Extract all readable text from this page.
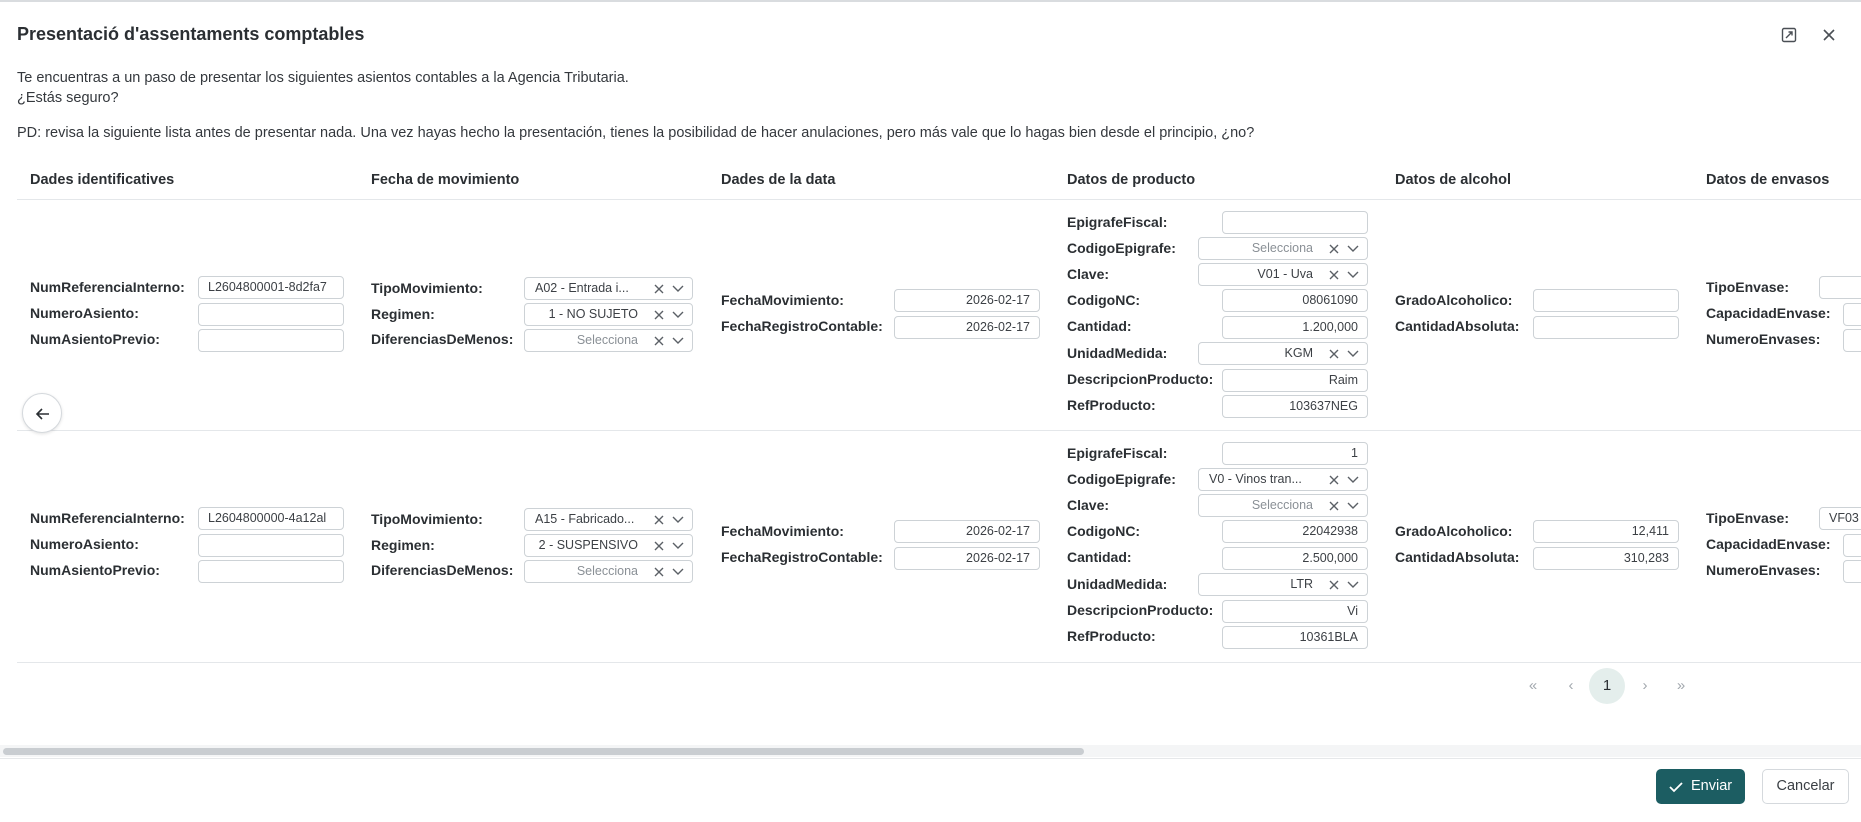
Presentació d'assentaments comptables
Te encuentras a un paso de presentar los siguientes asientos contables a la Agencia Tributaria.
¿Estás seguro?
PD: revisa la siguiente lista antes de presentar nada. Una vez hayas hecho la presentación, tienes la posibilidad de hacer anulaciones, pero más vale que lo hagas bien desde el principio, ¿no?
Dades identificatives	Fecha de movimiento	Dades de la data	Datos de producto	Datos de alcohol	Datos de envasos
NumReferenciaInterno:	L2604800001-8d2fa7
NumeroAsiento:
NumAsientoPrevio:
TipoMovimiento:	A02 - Entrada i...
Regimen:	1 - NO SUJETO
DiferenciasDeMenos:	Selecciona
FechaMovimiento:	2026-02-17
FechaRegistroContable:	2026-02-17
EpigrafeFiscal:
CodigoEpigrafe:	Selecciona
Clave:	V01 - Uva
CodigoNC:	08061090
Cantidad:	1.200,000
UnidadMedida:	KGM
DescripcionProducto:	Raim
RefProducto:	103637NEG
GradoAlcoholico:
CantidadAbsoluta:
TipoEnvase:
CapacidadEnvase:
NumeroEnvases:
NumReferenciaInterno:	L2604800000-4a12al
NumeroAsiento:
NumAsientoPrevio:
TipoMovimiento:	A15 - Fabricado...
Regimen:	2 - SUSPENSIVO
DiferenciasDeMenos:	Selecciona
FechaMovimiento:	2026-02-17
FechaRegistroContable:	2026-02-17
EpigrafeFiscal:	1
CodigoEpigrafe:	V0 - Vinos tran...
Clave:	Selecciona
CodigoNC:	22042938
Cantidad:	2.500,000
UnidadMedida:	LTR
DescripcionProducto:	Vi
RefProducto:	10361BLA
GradoAlcoholico:	12,411
CantidadAbsoluta:	310,283
TipoEnvase:	VF03
CapacidadEnvase:
NumeroEnvases:
«	‹	1	›	»
Enviar	Cancelar
